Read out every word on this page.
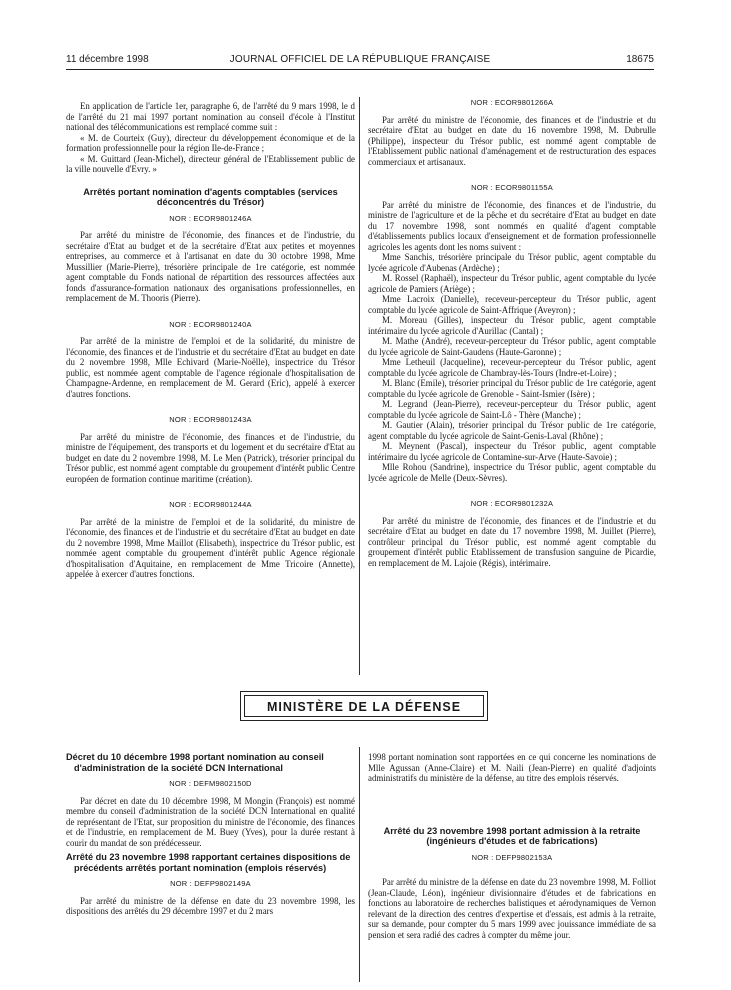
11 décembre 1998	JOURNAL OFFICIEL DE LA RÉPUBLIQUE FRANÇAISE	18675

En application de l'article 1er, paragraphe 6, de l'arrêté du 9 mars 1998, le d de l'arrêté du 21 mai 1997 portant nomination au conseil d'école à l'Institut national des télécommunications est remplacé comme suit :

« M. de Courteix (Guy), directeur du développement économique et de la formation professionnelle pour la région Ile-de-France ;

« M. Guittard (Jean-Michel), directeur général de l'Etablissement public de la ville nouvelle d'Evry. »

Arrêtés portant nomination d'agents comptables (services déconcentrés du Trésor)
NOR : ECOR9801246A

Par arrêté du ministre de l'économie, des finances et de l'industrie, du secrétaire d'Etat au budget et de la secrétaire d'Etat aux petites et moyennes entreprises, au commerce et à l'artisanat en date du 30 octobre 1998, Mme Mussillier (Marie-Pierre), trésorière principale de 1re catégorie, est nommée agent comptable du Fonds national de répartition des ressources affectées aux fonds d'assurance-formation nationaux des organisations professionnelles, en remplacement de M. Thooris (Pierre).

NOR : ECOR9801240A

Par arrêté de la ministre de l'emploi et de la solidarité, du ministre de l'économie, des finances et de l'industrie et du secrétaire d'Etat au budget en date du 2 novembre 1998, Mlle Echivard (Marie-Noëlle), inspectrice du Trésor public, est nommée agent comptable de l'agence régionale d'hospitalisation de Champagne-Ardenne, en remplacement de M. Gerard (Eric), appelé à exercer d'autres fonctions.

NOR : ECOR9801243A

Par arrêté du ministre de l'économie, des finances et de l'industrie, du ministre de l'équipement, des transports et du logement et du secrétaire d'Etat au budget en date du 2 novembre 1998, M. Le Men (Patrick), trésorier principal du Trésor public, est nommé agent comptable du groupement d'intérêt public Centre européen de formation continue maritime (création).

NOR : ECOR9801244A

Par arrêté de la ministre de l'emploi et de la solidarité, du ministre de l'économie, des finances et de l'industrie et du secrétaire d'Etat au budget en date du 2 novembre 1998, Mme Maillot (Elisabeth), inspectrice du Trésor public, est nommée agent comptable du groupement d'intérêt public Agence régionale d'hospitalisation d'Aquitaine, en remplacement de Mme Tricoire (Annette), appelée à exercer d'autres fonctions.

NOR : ECOR9801266A

Par arrêté du ministre de l'économie, des finances et de l'industrie et du secrétaire d'Etat au budget en date du 16 novembre 1998, M. Dubrulle (Philippe), inspecteur du Trésor public, est nommé agent comptable de l'Etablissement public national d'aménagement et de restructuration des espaces commerciaux et artisanaux.

NOR : ECOR9801155A

Par arrêté du ministre de l'économie, des finances et de l'industrie, du ministre de l'agriculture et de la pêche et du secrétaire d'Etat au budget en date du 17 novembre 1998, sont nommés en qualité d'agent comptable d'établissements publics locaux d'enseignement et de formation professionnelle agricoles les agents dont les noms suivent :

Mme Sanchis, trésorière principale du Trésor public, agent comptable du lycée agricole d'Aubenas (Ardèche) ;

M. Rossel (Raphaël), inspecteur du Trésor public, agent comptable du lycée agricole de Pamiers (Ariège) ;

Mme Lacroix (Danielle), receveur-percepteur du Trésor public, agent comptable du lycée agricole de Saint-Affrique (Aveyron) ;

M. Moreau (Gilles), inspecteur du Trésor public, agent comptable intérimaire du lycée agricole d'Aurillac (Cantal) ;

M. Mathe (André), receveur-percepteur du Trésor public, agent comptable du lycée agricole de Saint-Gaudens (Haute-Garonne) ;

Mme Letheuil (Jacqueline), receveur-percepteur du Trésor public, agent comptable du lycée agricole de Chambray-lès-Tours (Indre-et-Loire) ;

M. Blanc (Emile), trésorier principal du Trésor public de 1re catégorie, agent comptable du lycée agricole de Grenoble - Saint-Ismier (Isère) ;

M. Legrand (Jean-Pierre), receveur-percepteur du Trésor public, agent comptable du lycée agricole de Saint-Lô - Thère (Manche) ;

M. Gautier (Alain), trésorier principal du Trésor public de 1re catégorie, agent comptable du lycée agricole de Saint-Genis-Laval (Rhône) ;

M. Meynent (Pascal), inspecteur du Trésor public, agent comptable intérimaire du lycée agricole de Contamine-sur-Arve (Haute-Savoie) ;

Mlle Rohou (Sandrine), inspectrice du Trésor public, agent comptable du lycée agricole de Melle (Deux-Sèvres).

NOR : ECOR9801232A

Par arrêté du ministre de l'économie, des finances et de l'industrie et du secrétaire d'Etat au budget en date du 17 novembre 1998, M. Juillet (Pierre), contrôleur principal du Trésor public, est nommé agent comptable du groupement d'intérêt public Etablissement de transfusion sanguine de Picardie, en remplacement de M. Lajoie (Régis), intérimaire.

MINISTÈRE DE LA DÉFENSE
Décret du 10 décembre 1998 portant nomination au conseil d'administration de la société DCN International
NOR : DEFM9802150D

Par décret en date du 10 décembre 1998, M Mongin (François) est nommé membre du conseil d'administration de la société DCN International en qualité de représentant de l'Etat, sur proposition du ministre de l'économie, des finances et de l'industrie, en remplacement de M. Buey (Yves), pour la durée restant à courir du mandat de son prédécesseur.

Arrêté du 23 novembre 1998 rapportant certaines dispositions de précédents arrêtés portant nomination (emplois réservés)
NOR : DEFP9802149A

Par arrêté du ministre de la défense en date du 23 novembre 1998, les dispositions des arrêtés du 29 décembre 1997 et du 2 mars

1998 portant nomination sont rapportées en ce qui concerne les nominations de Mlle Agussan (Anne-Claire) et M. Naili (Jean-Pierre) en qualité d'adjoints administratifs du ministère de la défense, au titre des emplois réservés.

Arrêté du 23 novembre 1998 portant admission à la retraite (ingénieurs d'études et de fabrications)
NOR : DEFP9802153A

Par arrêté du ministre de la défense en date du 23 novembre 1998, M. Folliot (Jean-Claude, Léon), ingénieur divisionnaire d'études et de fabrications en fonctions au laboratoire de recherches balistiques et aérodynamiques de Vernon relevant de la direction des centres d'expertise et d'essais, est admis à la retraite, sur sa demande, pour compter du 5 mars 1999 avec jouissance immédiate de sa pension et sera radié des cadres à compter du même jour.
